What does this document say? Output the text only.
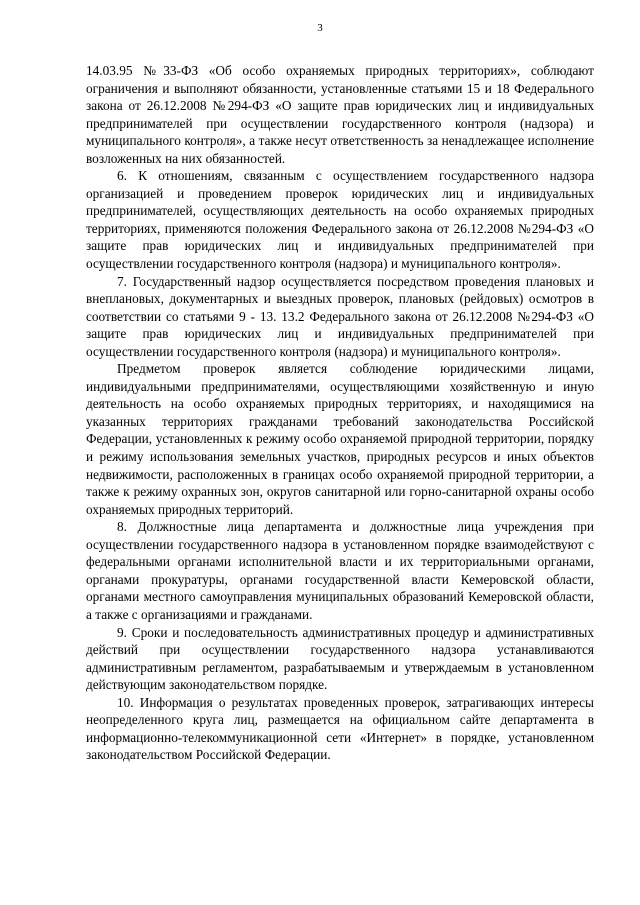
3

14.03.95 №33-ФЗ «Об особо охраняемых природных территориях», соблюдают ограничения и выполняют обязанности, установленные статьями 15 и 18 Федерального закона от 26.12.2008 №294-ФЗ «О защите прав юридических лиц и индивидуальных предпринимателей при осуществлении государственного контроля (надзора) и муниципального контроля», а также несут ответственность за ненадлежащее исполнение возложенных на них обязанностей.

6. К отношениям, связанным с осуществлением государственного надзора организацией и проведением проверок юридических лиц и индивидуальных предпринимателей, осуществляющих деятельность на особо охраняемых природных территориях, применяются положения Федерального закона от 26.12.2008 №294-ФЗ «О защите прав юридических лиц и индивидуальных предпринимателей при осуществлении государственного контроля (надзора) и муниципального контроля».

7. Государственный надзор осуществляется посредством проведения плановых и внеплановых, документарных и выездных проверок, плановых (рейдовых) осмотров в соответствии со статьями 9 - 13. 13.2 Федерального закона от 26.12.2008 №294-ФЗ «О защите прав юридических лиц и индивидуальных предпринимателей при осуществлении государственного контроля (надзора) и муниципального контроля».

Предметом проверок является соблюдение юридическими лицами, индивидуальными предпринимателями, осуществляющими хозяйственную и иную деятельность на особо охраняемых природных территориях, и находящимися на указанных территориях гражданами требований законодательства Российской Федерации, установленных к режиму особо охраняемой природной территории, порядку и режиму использования земельных участков, природных ресурсов и иных объектов недвижимости, расположенных в границах особо охраняемой природной территории, а также к режиму охранных зон, округов санитарной или горно-санитарной охраны особо охраняемых природных территорий.

8. Должностные лица департамента и должностные лица учреждения при осуществлении государственного надзора в установленном порядке взаимодействуют с федеральными органами исполнительной власти и их территориальными органами, органами прокуратуры, органами государственной власти Кемеровской области, органами местного самоуправления муниципальных образований Кемеровской области, а также с организациями и гражданами.

9. Сроки и последовательность административных процедур и административных действий при осуществлении государственного надзора устанавливаются административным регламентом, разрабатываемым и утверждаемым в установленном действующим законодательством порядке.

10. Информация о результатах проведенных проверок, затрагивающих интересы неопределенного круга лиц, размещается на официальном сайте департамента в информационно-телекоммуникационной сети «Интернет» в порядке, установленном законодательством Российской Федерации.
